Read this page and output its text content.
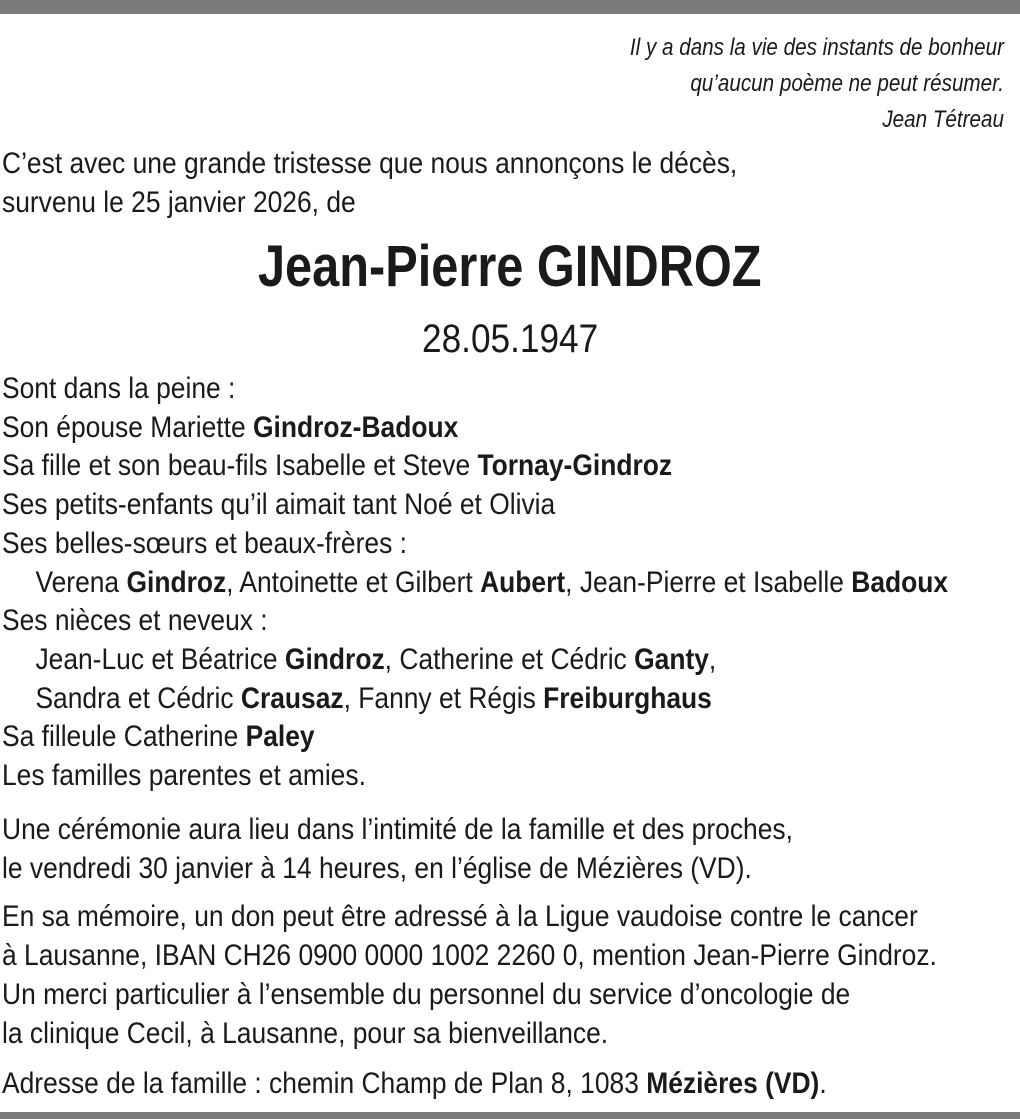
Il y a dans la vie des instants de bonheur
qu’aucun poème ne peut résumer.
Jean Tétreau
C’est avec une grande tristesse que nous annonçons le décès,
survenu le 25 janvier 2026, de
Jean-Pierre GINDROZ
28.05.1947
Sont dans la peine :
Son épouse Mariette Gindroz-Badoux
Sa fille et son beau-fils Isabelle et Steve Tornay-Gindroz
Ses petits-enfants qu’il aimait tant Noé et Olivia
Ses belles-sœurs et beaux-frères :
Verena Gindroz, Antoinette et Gilbert Aubert, Jean-Pierre et Isabelle Badoux
Ses nièces et neveux :
Jean-Luc et Béatrice Gindroz, Catherine et Cédric Ganty,
Sandra et Cédric Crausaz, Fanny et Régis Freiburghaus
Sa filleule Catherine Paley
Les familles parentes et amies.
Une cérémonie aura lieu dans l’intimité de la famille et des proches,
le vendredi 30 janvier à 14 heures, en l’église de Mézières (VD).
En sa mémoire, un don peut être adressé à la Ligue vaudoise contre le cancer
à Lausanne, IBAN CH26 0900 0000 1002 2260 0, mention Jean-Pierre Gindroz.
Un merci particulier à l’ensemble du personnel du service d’oncologie de
la clinique Cecil, à Lausanne, pour sa bienveillance.
Adresse de la famille : chemin Champ de Plan 8, 1083 Mézières (VD).
